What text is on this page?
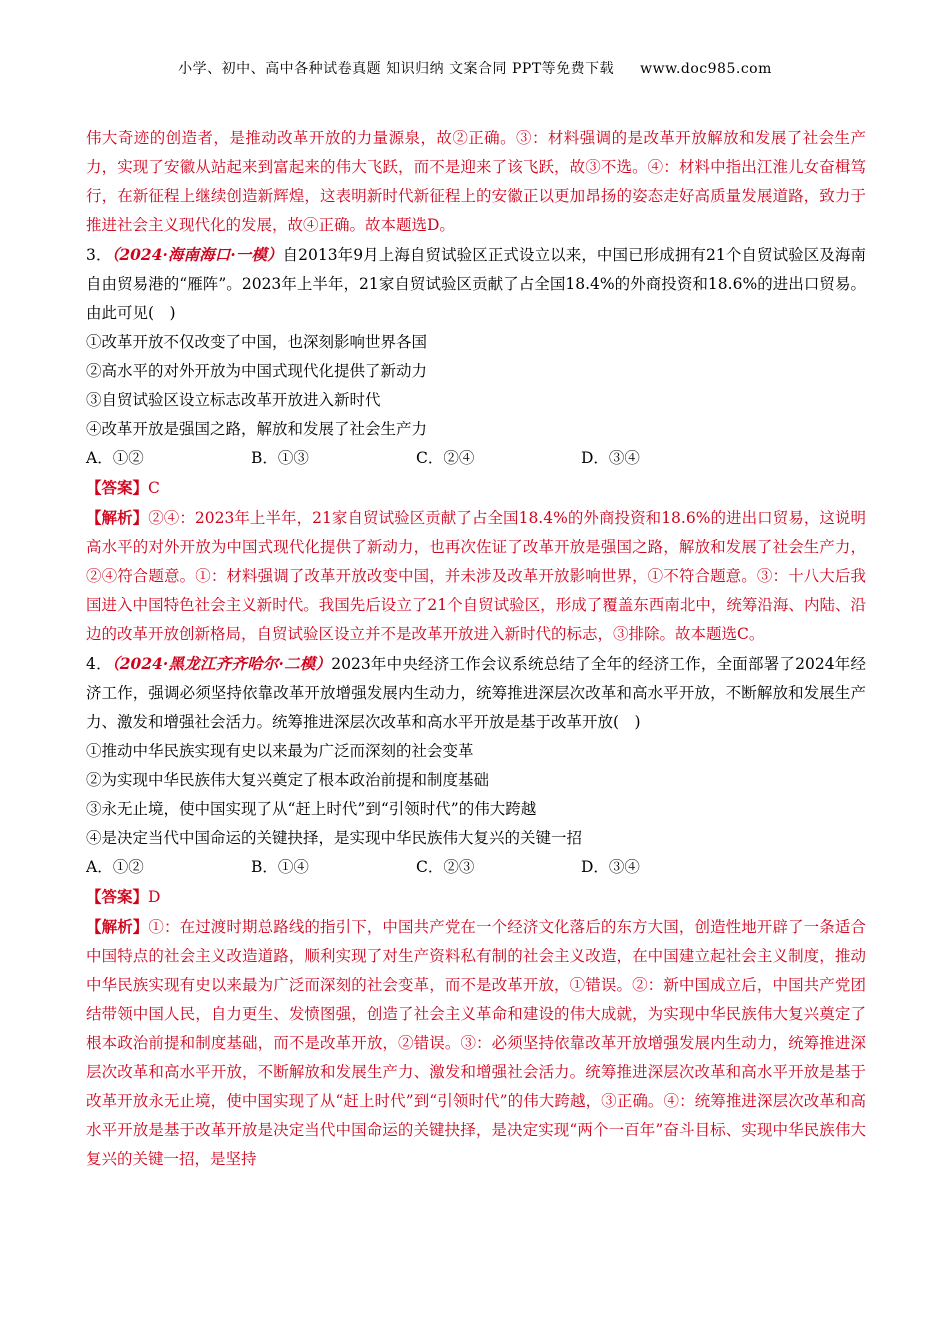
小学、初中、高中各种试卷真题 知识归纳 文案合同 PPT等免费下载 www.doc985.com

伟大奇迹的创造者，是推动改革开放的力量源泉，故②正确。③：材料强调的是改革开放解放和发展了社会生产力，实现了安徽从站起来到富起来的伟大飞跃，而不是迎来了该飞跃，故③不选。④：材料中指出江淮儿女奋楫笃行，在新征程上继续创造新辉煌，这表明新时代新征程上的安徽正以更加昂扬的姿态走好高质量发展道路，致力于推进社会主义现代化的发展，故④正确。故本题选D。

3．（2024·海南海口·一模）自2013年9月上海自贸试验区正式设立以来，中国已形成拥有21个自贸试验区及海南自由贸易港的“雁阵”。2023年上半年，21家自贸试验区贡献了占全国18.4%的外商投资和18.6%的进出口贸易。由此可见(　)

①改革开放不仅改变了中国，也深刻影响世界各国

②高水平的对外开放为中国式现代化提供了新动力

③自贸试验区设立标志改革开放进入新时代

④改革开放是强国之路，解放和发展了社会生产力

A．①②	B．①③	C．②④	D．③④

【答案】C

【解析】②④：2023年上半年，21家自贸试验区贡献了占全国18.4%的外商投资和18.6%的进出口贸易，这说明高水平的对外开放为中国式现代化提供了新动力，也再次佐证了改革开放是强国之路，解放和发展了社会生产力，②④符合题意。①：材料强调了改革开放改变中国，并未涉及改革开放影响世界，①不符合题意。③：十八大后我国进入中国特色社会主义新时代。我国先后设立了21个自贸试验区，形成了覆盖东西南北中，统筹沿海、内陆、沿边的改革开放创新格局，自贸试验区设立并不是改革开放进入新时代的标志，③排除。故本题选C。

4．（2024·黑龙江齐齐哈尔·二模）2023年中央经济工作会议系统总结了全年的经济工作，全面部署了2024年经济工作，强调必须坚持依靠改革开放增强发展内生动力，统筹推进深层次改革和高水平开放，不断解放和发展生产力、激发和增强社会活力。统筹推进深层次改革和高水平开放是基于改革开放(　)

①推动中华民族实现有史以来最为广泛而深刻的社会变革

②为实现中华民族伟大复兴奠定了根本政治前提和制度基础

③永无止境，使中国实现了从“赶上时代”到“引领时代”的伟大跨越

④是决定当代中国命运的关键抉择，是实现中华民族伟大复兴的关键一招

A．①②	B．①④	C．②③	D．③④

【答案】D

【解析】①：在过渡时期总路线的指引下，中国共产党在一个经济文化落后的东方大国，创造性地开辟了一条适合中国特点的社会主义改造道路，顺利实现了对生产资料私有制的社会主义改造，在中国建立起社会主义制度，推动中华民族实现有史以来最为广泛而深刻的社会变革，而不是改革开放，①错误。②：新中国成立后，中国共产党团结带领中国人民，自力更生、发愤图强，创造了社会主义革命和建设的伟大成就，为实现中华民族伟大复兴奠定了根本政治前提和制度基础，而不是改革开放，②错误。③：必须坚持依靠改革开放增强发展内生动力，统筹推进深层次改革和高水平开放，不断解放和发展生产力、激发和增强社会活力。统筹推进深层次改革和高水平开放是基于改革开放永无止境，使中国实现了从“赶上时代”到“引领时代”的伟大跨越，③正确。④：统筹推进深层次改革和高水平开放是基于改革开放是决定当代中国命运的关键抉择，是决定实现“两个一百年”奋斗目标、实现中华民族伟大复兴的关键一招，是坚持
